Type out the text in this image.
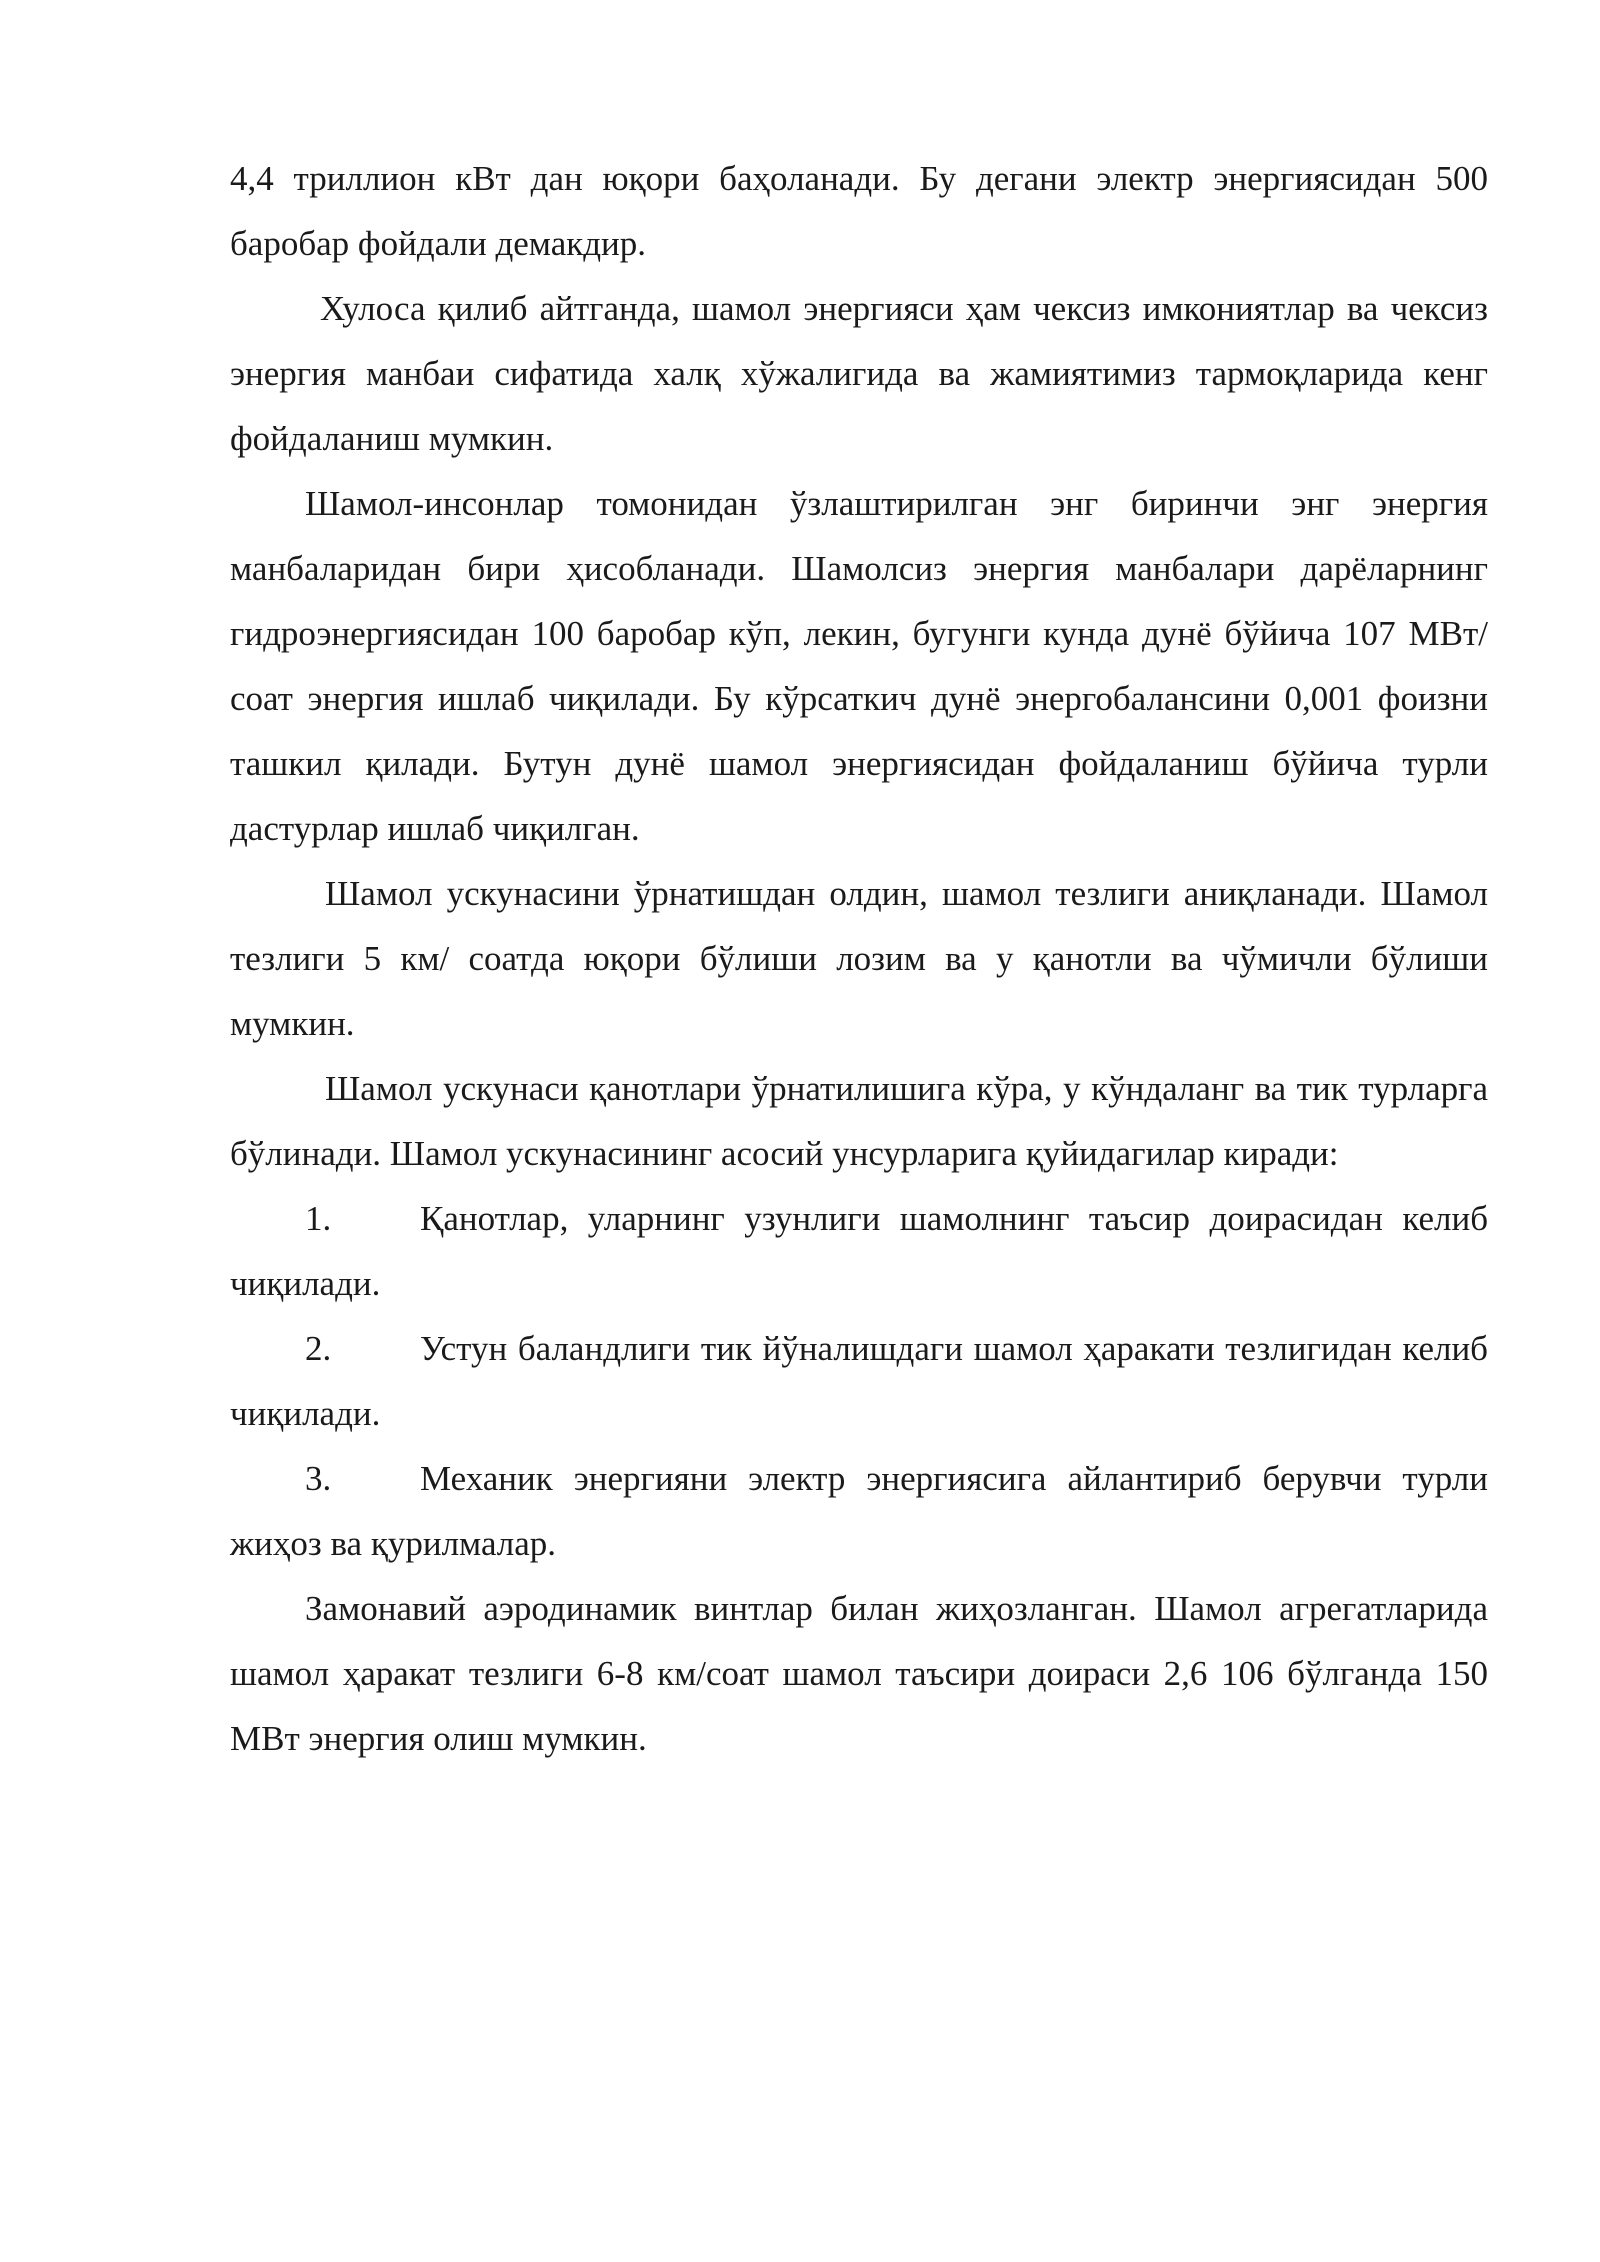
4,4 триллион кВт дан юқори баҳоланади. Бу дегани электр энергиясидан 500 баробар фойдали демакдир.

Хулоса қилиб айтганда, шамол энергияси ҳам чексиз имкониятлар ва чексиз энергия манбаи сифатида халқ хўжалигида ва жамиятимиз тармоқларида кенг фойдаланиш мумкин.

Шамол-инсонлар томонидан ўзлаштирилган энг биринчи энг энергия манбаларидан бири ҳисобланади. Шамолсиз энергия манбалари дарёларнинг гидроэнергиясидан 100 баробар кўп, лекин, бугунги кунда дунё бўйича 107 МВт/соат энергия ишлаб чиқилади. Бу кўрсаткич дунё энергобалансини 0,001 фоизни ташкил қилади. Бутун дунё шамол энергиясидан фойдаланиш бўйича турли дастурлар ишлаб чиқилган.

Шамол ускунасини ўрнатишдан олдин, шамол тезлиги аниқланади. Шамол тезлиги 5 км/ соатда юқори бўлиши лозим ва у қанотли ва чўмичли бўлиши мумкин.

Шамол ускунаси қанотлари ўрнатилишига кўра, у кўндаланг ва тик турларга бўлинади. Шамол ускунасининг асосий унсурларига қуйидагилар киради:

1.	Қанотлар, уларнинг узунлиги шамолнинг таъсир доирасидан келиб чиқилади.

2.	Устун баландлиги тик йўналишдаги шамол ҳаракати тезлигидан келиб чиқилади.

3.	Механик энергияни электр энергиясига айлантириб берувчи турли жиҳоз ва қурилмалар.

Замонавий аэродинамик винтлар билан жиҳозланган. Шамол агрегатларида шамол ҳаракат тезлиги 6-8 км/соат шамол таъсири доираси 2,6 106 бўлганда 150 МВт энергия олиш мумкин.
